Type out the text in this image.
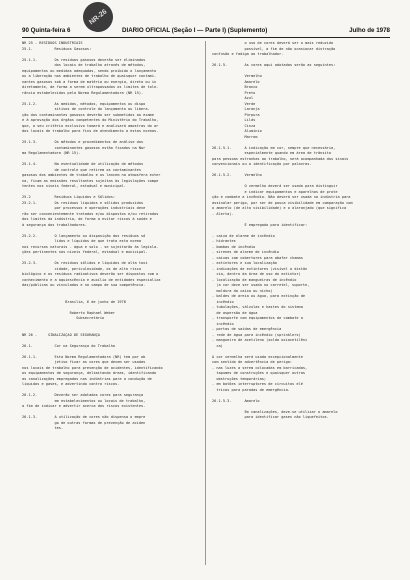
90 Quinta-feira 6	DIARIO OFICIAL (Seção I — Parte I) (Suplemento)	Julho de 1978
NR-26
NR 25 - RESÍDUOS INDUSTRIAIS
25.1.          Resíduos Gasosos:
25.1.1.        Os resíduos gasosos deverão ser eliminados
dos locais de trabalho através de métodos,
equipamentos ou medidas adequadas, sendo proibido o lançamento
ou a liberação nos ambientes de trabalho de quaisquer contami-
nantes gasosos sob a forma de matéria ou energia, direta ou in
diretamente, de forma a serem ultrapassados os limites de tole-
rância estabelecidos pela Norma Regulamentadora (NR 15).
25.1.2.        As medidas, métodos, equipamentos ou dispo
sitivos de controle do lançamento ou libera-
ção dos contaminantes gasosos deverão ser submetidos ao exame
e à aprovação dos órgãos competentes do Ministério do Trabalho,
que, a seu critério exclusivo tomará e analisará amostras do ar
dos locais de trabalho para fins de atendimento a estas normas.
25.1.3.        Os métodos e procedimentos de análise dos
contaminantes gasosos estão fixados na Nor
ma Regulamentadora (NR 15).
25.1.4.        Na eventualidade de utilização de métodos
de controle que retirem os contaminantes
gasosos dos ambientes de trabalho e os lancem na atmosfera exter
na, ficam as emissões resultantes sujeitas às legislações compe
tentes nos níveis federal, estadual e municipal.
25.2           Resíduos Líquidos e Sólidos:
25.2.1.        Os resíduos líquidos e sólidos produzidos
por processos e operações industriais deve
rão ser convenientemente tratados e/ou dispostos e/ou retirados
dos limites da indústria, de forma a evitar riscos à saúde e
à segurança dos trabalhadores.
25.2.2.        O lançamento ou disposição dos resíduos só
lidos e líquidos de que trata esta norma
nos recursos naturais - água e solo - se sujeitarão às legisla-
ções pertinentes nos níveis federal, estadual e municipal.
25.2.3.        Os resíduos sólidos e líquidos de alta toxi
cidade, periculosidade, os de alto risco
biológico e os resíduos radioativos deverão ser dispostos com o
conhecimento e a aquiescência e auxílio de entidades especializa
das/públicas ou vinculadas e no campo de sua competência.
Brasília, 6 de junho de 1978
Roberto Raphael Weber
Subsecretário
NR 26 -     SINALIZAÇÃO DE SEGURANÇA
26.1.          Cor na Segurança do Trabalho
26.1.1.        Esta Norma Regulamentadora (NR) tem por ob
jetivo fixar as cores que devem ser usadas
nos locais de trabalho para prevenção de acidentes, identificando
os equipamentos de segurança, delimitando áreas, identificando
as canalizações empregadas nas indústrias para a condução de
líquidos e gases, e advertindo contra riscos.
26.1.2.        Deverão ser adotadas cores para segurança
em estabelecimentos ou locais de trabalho,
a fim de indicar e advertir acerca dos riscos existentes.
26.1.3.        A utilização de cores não dispensa o empre
go de outras formas de prevenção de aciden
tes.
o uso de cores deverá ser o mais reduzido
possível, a fim de não ocasionar distração
confusão e fadiga ao trabalhador.
26.1.5.        As cores aqui adotadas serão as seguintes:
Vermelho
Amarelo
Branco
Preto
Azul
Verde
Laranja
Púrpura
Lilás
Cinza
Alumínio
Marrom
26.1.5.1.      A indicação em cor, sempre que necessária,
especialmente quando em área de trânsito
para pessoas estranhas ao trabalho, será acompanhada dos sinais
convencionais ou a identificação por palavras.
26.1.5.2.      Vermelho
O vermelho deverá ser usado para distinguir
e indicar equipamentos e aparelhos de prote
ção e combate a incêndio. Não deverá ser usada na indústria para
assinalar perigo, por ser de pouca visibilidade em comparação com
o amarelo (de alta visibilidade) e o alaranjado (que significa
- Alerta).
É empregado para identificar:
- caixa de alarme de incêndio
- hidrantes
- bombas de incêndio
- sirenes de alarme de incêndio
- caixas com cobertores para abafar chamas
- extintores e sua localização
- indicações de extintores (visível a distân
cia, dentro da área de uso do extintor)
- localização de mangueiras de incêndio
(a cor deve ser usada no carretel, suporte,
moldura da caixa ou nicho)
- baldes de areia ou água, para extinção de
incêndio
- tubulações, válvulas e hastes do sistema
de aspersão de água
- transporte com equipamentos de combate a
incêndio
- portas de saídas de emergência
- rede de água para incêndio (sprinklers)
- mangueira de acetileno (solda oxiacetilêni
ca)
A cor vermelha será usada excepcionalmente
com sentido de advertência de perigo:
- nas luzes a serem colocadas em barricadas,
tapumes de construções e quaisquer outras
obstruções temporárias;
- em botões interruptores de circuitos elé
tricos para paradas de emergência.
26.1.5.3.      Amarelo
Em canalizações, deve-se utilizar o amarelo
para identificar gases não liquefeitos.
